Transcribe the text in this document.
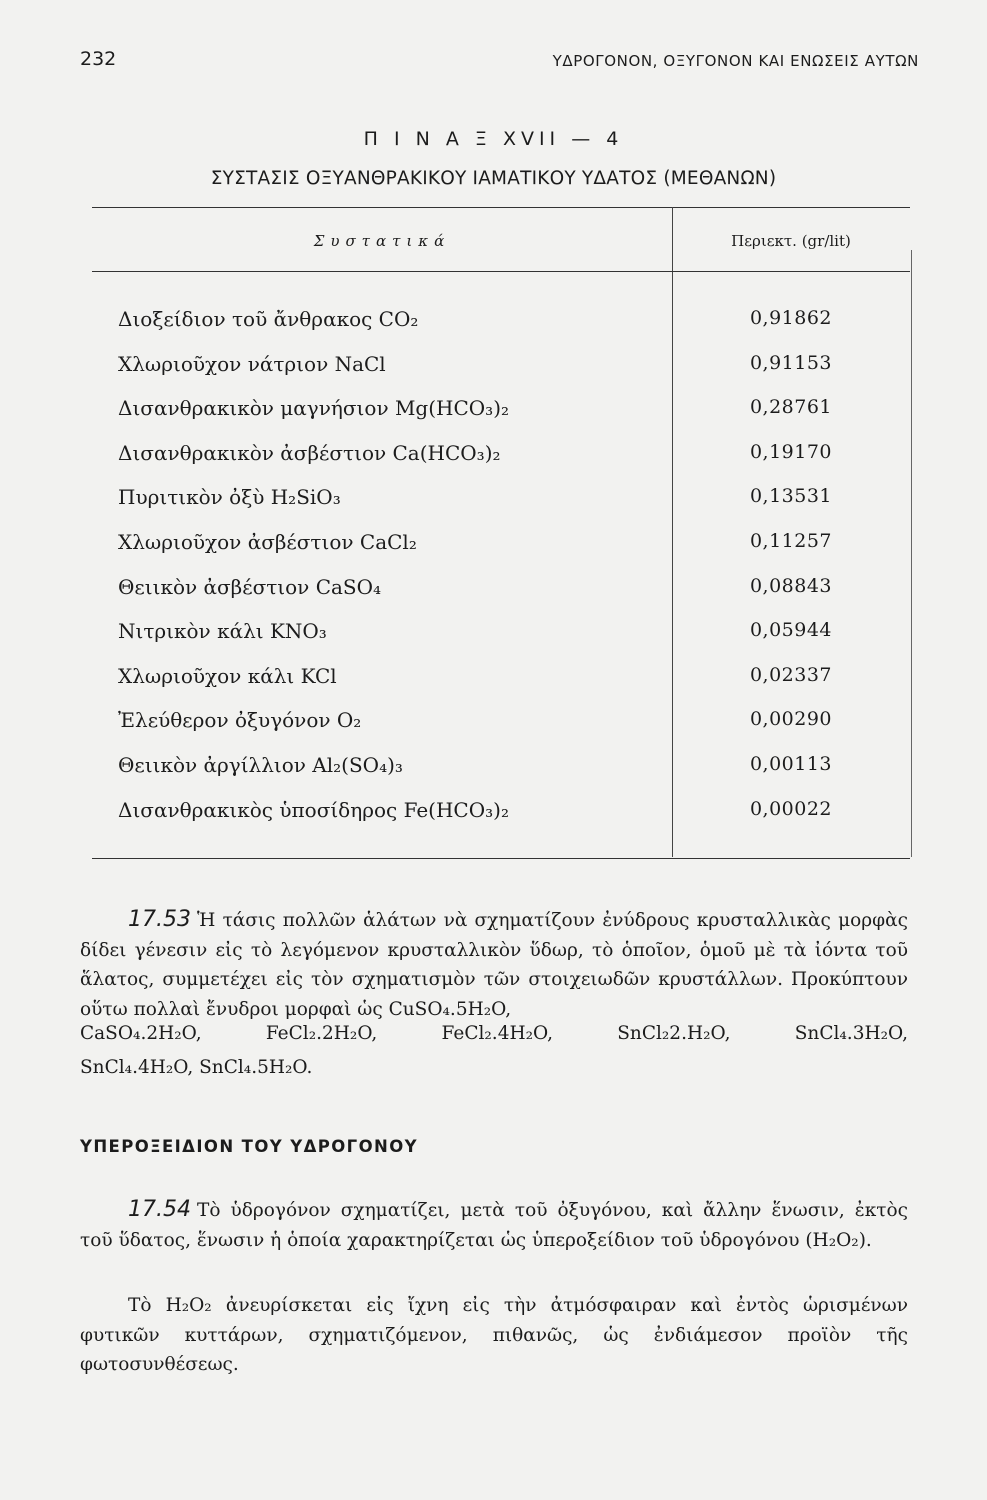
232	ΥΔΡΟΓΟΝΟΝ, ΟΞΥΓΟΝΟΝ ΚΑΙ ΕΝΩΣΕΙΣ ΑΥΤΩΝ
Π Ι Ν Α Ξ XVII — 4
ΣΥΣΤΑΣΙΣ ΟΞΥΑΝΘΡΑΚΙΚΟΥ ΙΑΜΑΤΙΚΟΥ ΥΔΑΤΟΣ (ΜΕΘΑΝΩΝ)
Συστατικά	Περιεκτ. (gr/lit)
Διοξείδιον τοῦ ἄνθρακος CO₂	0,91862
Χλωριοῦχον νάτριον NaCl	0,91153
Δισανθρακικὸν μαγνήσιον Mg(HCO₃)₂	0,28761
Δισανθρακικὸν ἀσβέστιον Ca(HCO₃)₂	0,19170
Πυριτικὸν ὀξὺ H₂SiO₃	0,13531
Χλωριοῦχον ἀσβέστιον CaCl₂	0,11257
Θειικὸν ἀσβέστιον CaSO₄	0,08843
Νιτρικὸν κάλι KNO₃	0,05944
Χλωριοῦχον κάλι KCl	0,02337
Ἐλεύθερον ὀξυγόνον O₂	0,00290
Θειικὸν ἀργίλλιον Al₂(SO₄)₃	0,00113
Δισανθρακικὸς ὑποσίδηρος Fe(HCO₃)₂	0,00022

17.53 Ἡ τάσις πολλῶν ἁλάτων νὰ σχηματίζουν ἐνύδρους κρυσταλλικὰς μορφὰς δίδει γένεσιν εἰς τὸ λεγόμενον κρυσταλλικὸν ὕδωρ, τὸ ὁποῖον, ὁμοῦ μὲ τὰ ἰόντα τοῦ ἅλατος, συμμετέχει εἰς τὸν σχηματισμὸν τῶν στοιχειωδῶν κρυστάλλων. Προκύπτουν οὕτω πολλαὶ ἔνυδροι μορφαὶ ὡς CuSO₄.5H₂O,

CaSO₄.2H₂O,	FeCl₂.2H₂O,	FeCl₂.4H₂O,	SnCl₂2.H₂O,	SnCl₄.3H₂O,

SnCl₄.4H₂O, SnCl₄.5H₂O.

ΥΠΕΡΟΞΕΙΔΙΟΝ ΤΟΥ ΥΔΡΟΓΟΝΟΥ

17.54 Τὸ ὑδρογόνον σχηματίζει, μετὰ τοῦ ὀξυγόνου, καὶ ἄλλην ἕνωσιν, ἐκτὸς τοῦ ὕδατος, ἕνωσιν ἡ ὁποία χαρακτηρίζεται ὡς ὑπεροξείδιον τοῦ ὑδρογόνου (H₂O₂).

Τὸ H₂O₂ ἀνευρίσκεται εἰς ἴχνη εἰς τὴν ἀτμόσφαιραν καὶ ἐντὸς ὡρισμένων φυτικῶν κυττάρων, σχηματιζόμενον, πιθανῶς, ὡς ἐνδιάμεσον προϊὸν τῆς φωτοσυνθέσεως.
